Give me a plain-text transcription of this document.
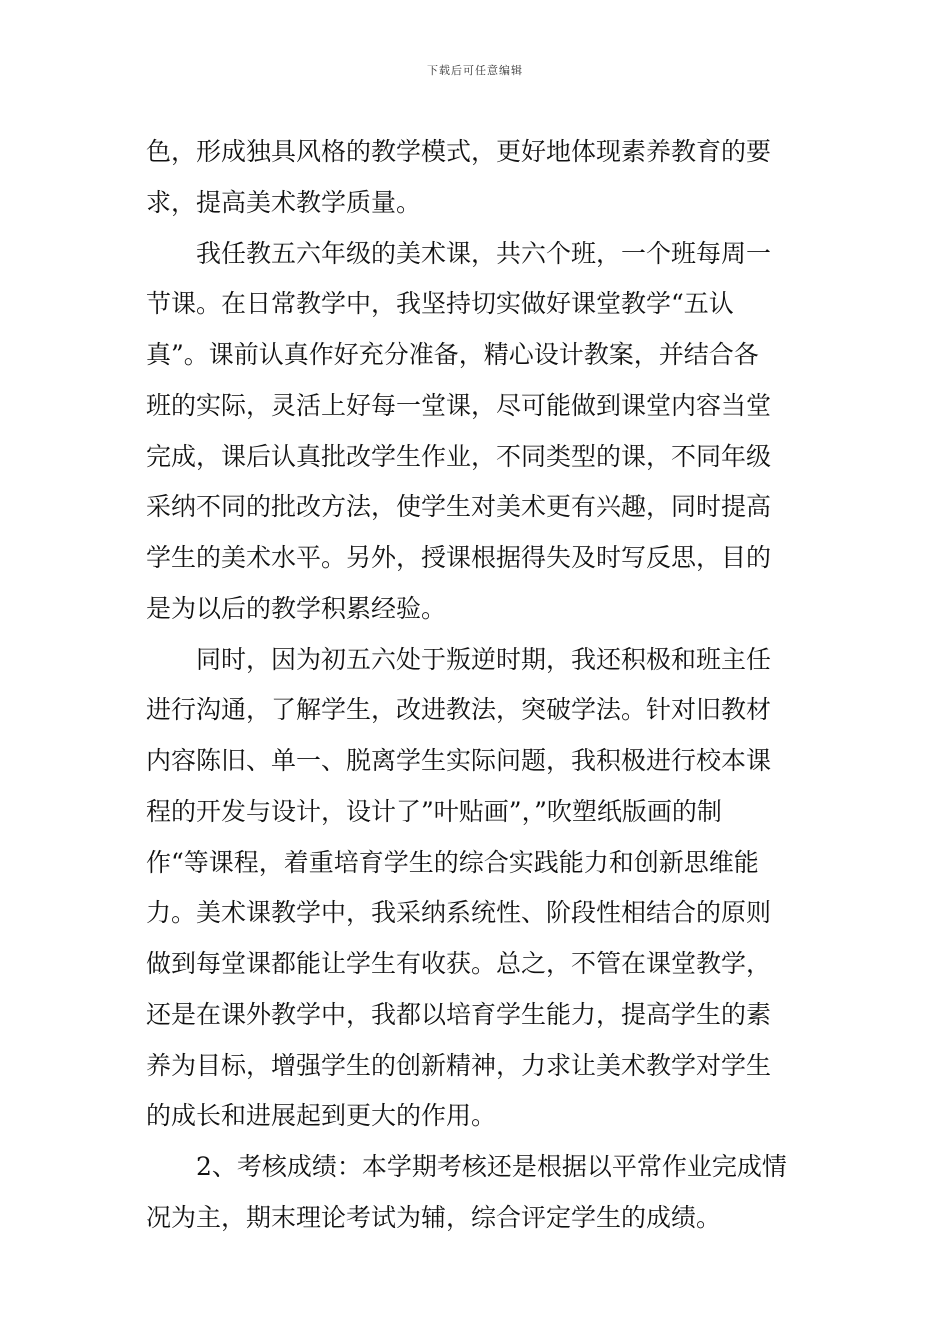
下载后可任意编辑
色，形成独具风格的教学模式，更好地体现素养教育的要
求，提高美术教学质量。
我任教五六年级的美术课，共六个班，一个班每周一
节课。在日常教学中，我坚持切实做好课堂教学“五认
真”。课前认真作好充分准备，精心设计教案，并结合各
班的实际，灵活上好每一堂课，尽可能做到课堂内容当堂
完成，课后认真批改学生作业，不同类型的课，不同年级
采纳不同的批改方法，使学生对美术更有兴趣，同时提高
学生的美术水平。另外，授课根据得失及时写反思，目的
是为以后的教学积累经验。
同时，因为初五六处于叛逆时期，我还积极和班主任
进行沟通，了解学生，改进教法，突破学法。针对旧教材
内容陈旧、单一、脱离学生实际问题，我积极进行校本课
程的开发与设计，设计了”叶贴画”，”吹塑纸版画的制
作“等课程，着重培育学生的综合实践能力和创新思维能
力。美术课教学中，我采纳系统性、阶段性相结合的原则
做到每堂课都能让学生有收获。总之，不管在课堂教学，
还是在课外教学中，我都以培育学生能力，提高学生的素
养为目标，增强学生的创新精神，力求让美术教学对学生
的成长和进展起到更大的作用。
2、考核成绩：本学期考核还是根据以平常作业完成情
况为主，期末理论考试为辅，综合评定学生的成绩。
